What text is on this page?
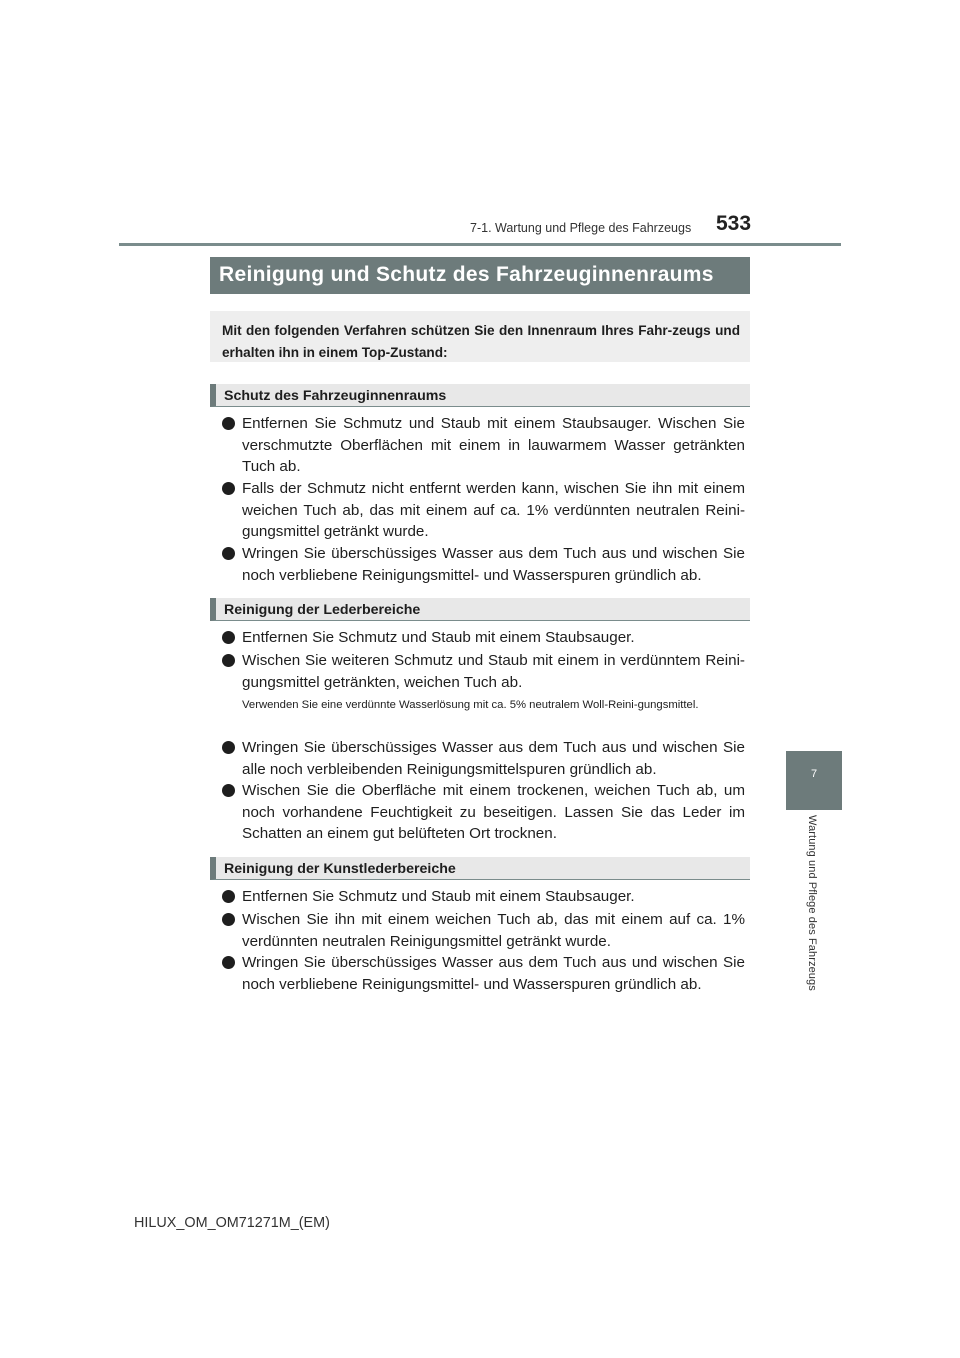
7-1. Wartung und Pflege des Fahrzeugs 533
7
Wartung und Pflege des Fahrzeugs
Reinigung und Schutz des Fahrzeuginnenraums
Mit den folgenden Verfahren schützen Sie den Innenraum Ihres Fahr-zeugs und erhalten ihn in einem Top-Zustand:
Schutz des Fahrzeuginnenraums
Entfernen Sie Schmutz und Staub mit einem Staubsauger. Wischen Sie verschmutzte Oberflächen mit einem in lauwarmem Wasser getränkten Tuch ab.
Falls der Schmutz nicht entfernt werden kann, wischen Sie ihn mit einem weichen Tuch ab, das mit einem auf ca. 1% verdünnten neutralen Reini-gungsmittel getränkt wurde.
Wringen Sie überschüssiges Wasser aus dem Tuch aus und wischen Sie noch verbliebene Reinigungsmittel- und Wasserspuren gründlich ab.
Reinigung der Lederbereiche
Entfernen Sie Schmutz und Staub mit einem Staubsauger.
Wischen Sie weiteren Schmutz und Staub mit einem in verdünntem Reini-gungsmittel getränkten, weichen Tuch ab.
Verwenden Sie eine verdünnte Wasserlösung mit ca. 5% neutralem Woll-Reini-gungsmittel.
Wringen Sie überschüssiges Wasser aus dem Tuch aus und wischen Sie alle noch verbleibenden Reinigungsmittelspuren gründlich ab.
Wischen Sie die Oberfläche mit einem trockenen, weichen Tuch ab, um noch vorhandene Feuchtigkeit zu beseitigen. Lassen Sie das Leder im Schatten an einem gut belüfteten Ort trocknen.
Reinigung der Kunstlederbereiche
Entfernen Sie Schmutz und Staub mit einem Staubsauger.
Wischen Sie ihn mit einem weichen Tuch ab, das mit einem auf ca. 1% verdünnten neutralen Reinigungsmittel getränkt wurde.
Wringen Sie überschüssiges Wasser aus dem Tuch aus und wischen Sie noch verbliebene Reinigungsmittel- und Wasserspuren gründlich ab.
HILUX_OM_OM71271M_(EM)
